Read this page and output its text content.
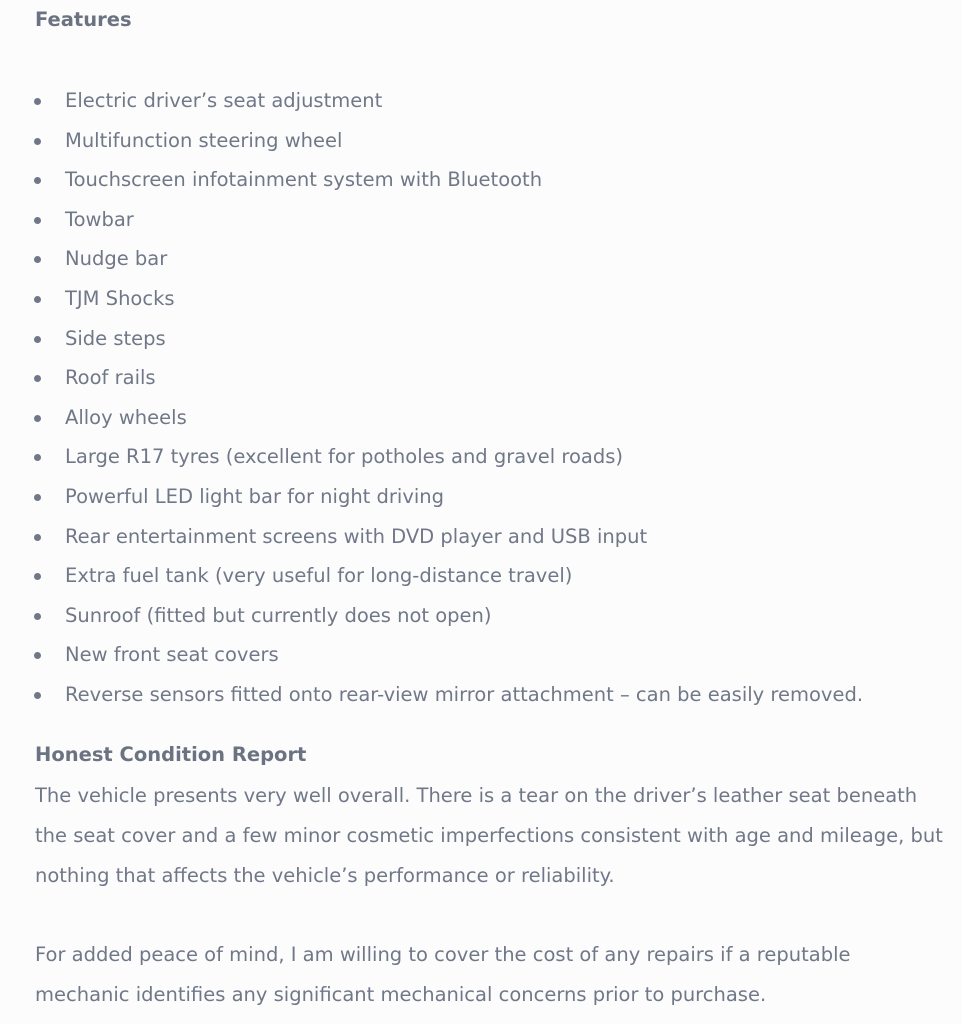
Features
Electric driver’s seat adjustment
Multifunction steering wheel
Touchscreen infotainment system with Bluetooth
Towbar
Nudge bar
TJM Shocks
Side steps
Roof rails
Alloy wheels
Large R17 tyres (excellent for potholes and gravel roads)
Powerful LED light bar for night driving
Rear entertainment screens with DVD player and USB input
Extra fuel tank (very useful for long-distance travel)
Sunroof (fitted but currently does not open)
New front seat covers
Reverse sensors fitted onto rear-view mirror attachment – can be easily removed.
Honest Condition Report

The vehicle presents very well overall. There is a tear on the driver’s leather seat beneath the seat cover and a few minor cosmetic imperfections consistent with age and mileage, but nothing that affects the vehicle’s performance or reliability.

For added peace of mind, I am willing to cover the cost of any repairs if a reputable mechanic identifies any significant mechanical concerns prior to purchase.
